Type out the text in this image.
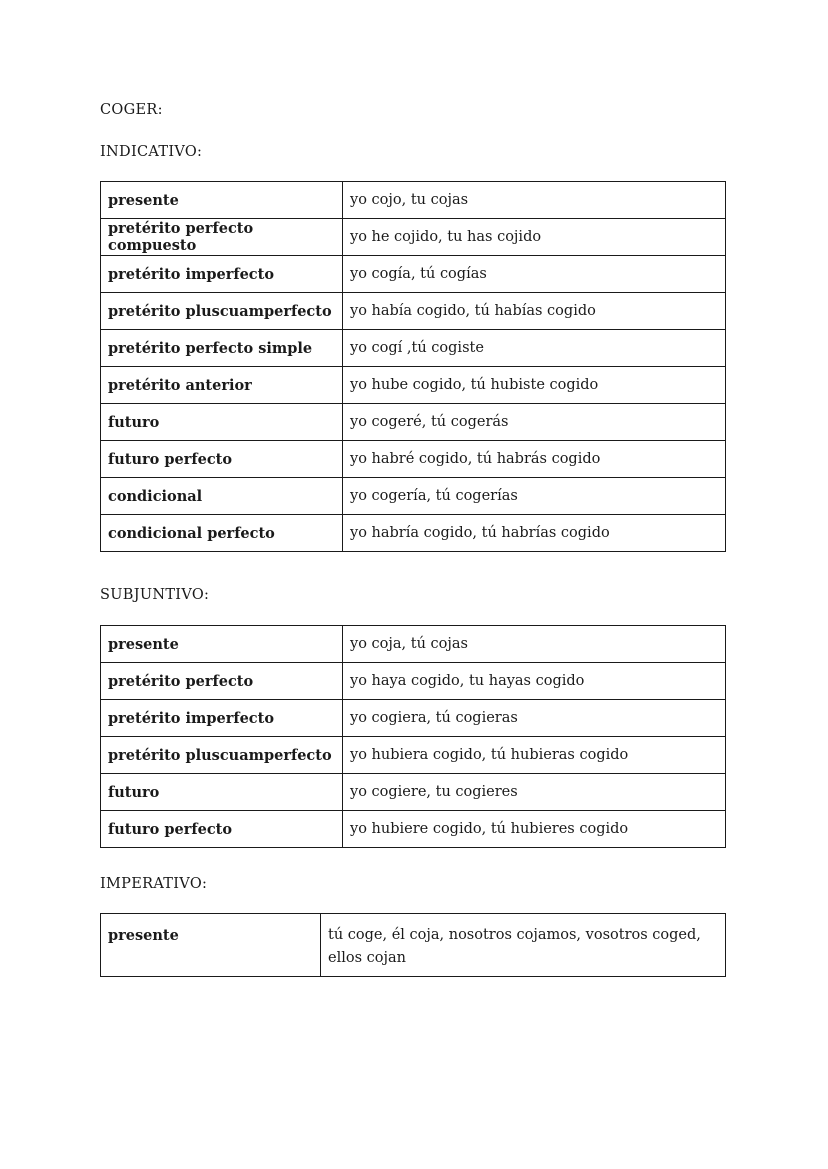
COGER:

INDICATIVO:

presente	yo cojo, tu cojas
pretérito perfecto compuesto	yo he cojido, tu has cojido
pretérito imperfecto	yo cogía, tú cogías
pretérito pluscuamperfecto	yo había cogido, tú habías cogido
pretérito perfecto simple	yo cogí ,tú cogiste
pretérito anterior	yo hube cogido, tú hubiste cogido
futuro	yo cogeré, tú cogerás
futuro perfecto	yo habré cogido, tú habrás cogido
condicional	yo cogería, tú cogerías
condicional perfecto	yo habría cogido, tú habrías cogido

SUBJUNTIVO:

presente	yo coja, tú cojas
pretérito perfecto	yo haya cogido, tu hayas cogido
pretérito imperfecto	yo cogiera, tú cogieras
pretérito pluscuamperfecto	yo hubiera cogido, tú hubieras cogido
futuro	yo cogiere, tu cogieres
futuro perfecto	yo hubiere cogido, tú hubieres cogido

IMPERATIVO:

presente	tú coge, él coja, nosotros cojamos, vosotros coged, ellos cojan
